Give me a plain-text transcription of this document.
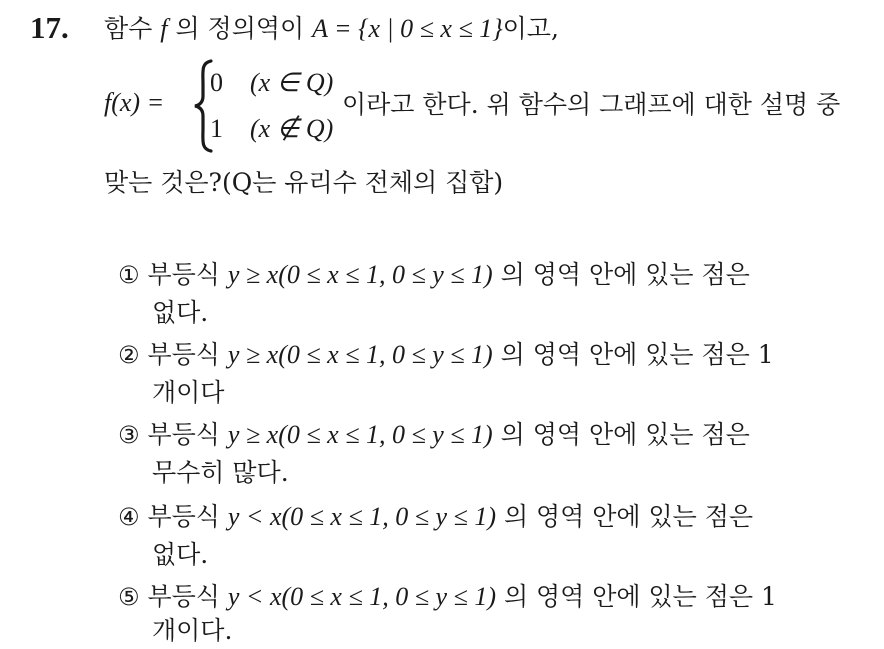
17. 함수 f 의 정의역이 A = {x | 0 ≤ x ≤ 1}이고,
f(x) =
0 (x ∈ Q)
1 (x ∉ Q)
이라고 한다. 위 함수의 그래프에 대한 설명 중
맞는 것은?(Q는 유리수 전체의 집합)
① 부등식 y ≥ x(0 ≤ x ≤ 1, 0 ≤ y ≤ 1) 의 영역 안에 있는 점은
없다.
② 부등식 y ≥ x(0 ≤ x ≤ 1, 0 ≤ y ≤ 1) 의 영역 안에 있는 점은 1
개이다
③ 부등식 y ≥ x(0 ≤ x ≤ 1, 0 ≤ y ≤ 1) 의 영역 안에 있는 점은
무수히 많다.
④ 부등식 y < x(0 ≤ x ≤ 1, 0 ≤ y ≤ 1) 의 영역 안에 있는 점은
없다.
⑤ 부등식 y < x(0 ≤ x ≤ 1, 0 ≤ y ≤ 1) 의 영역 안에 있는 점은 1
개이다.
